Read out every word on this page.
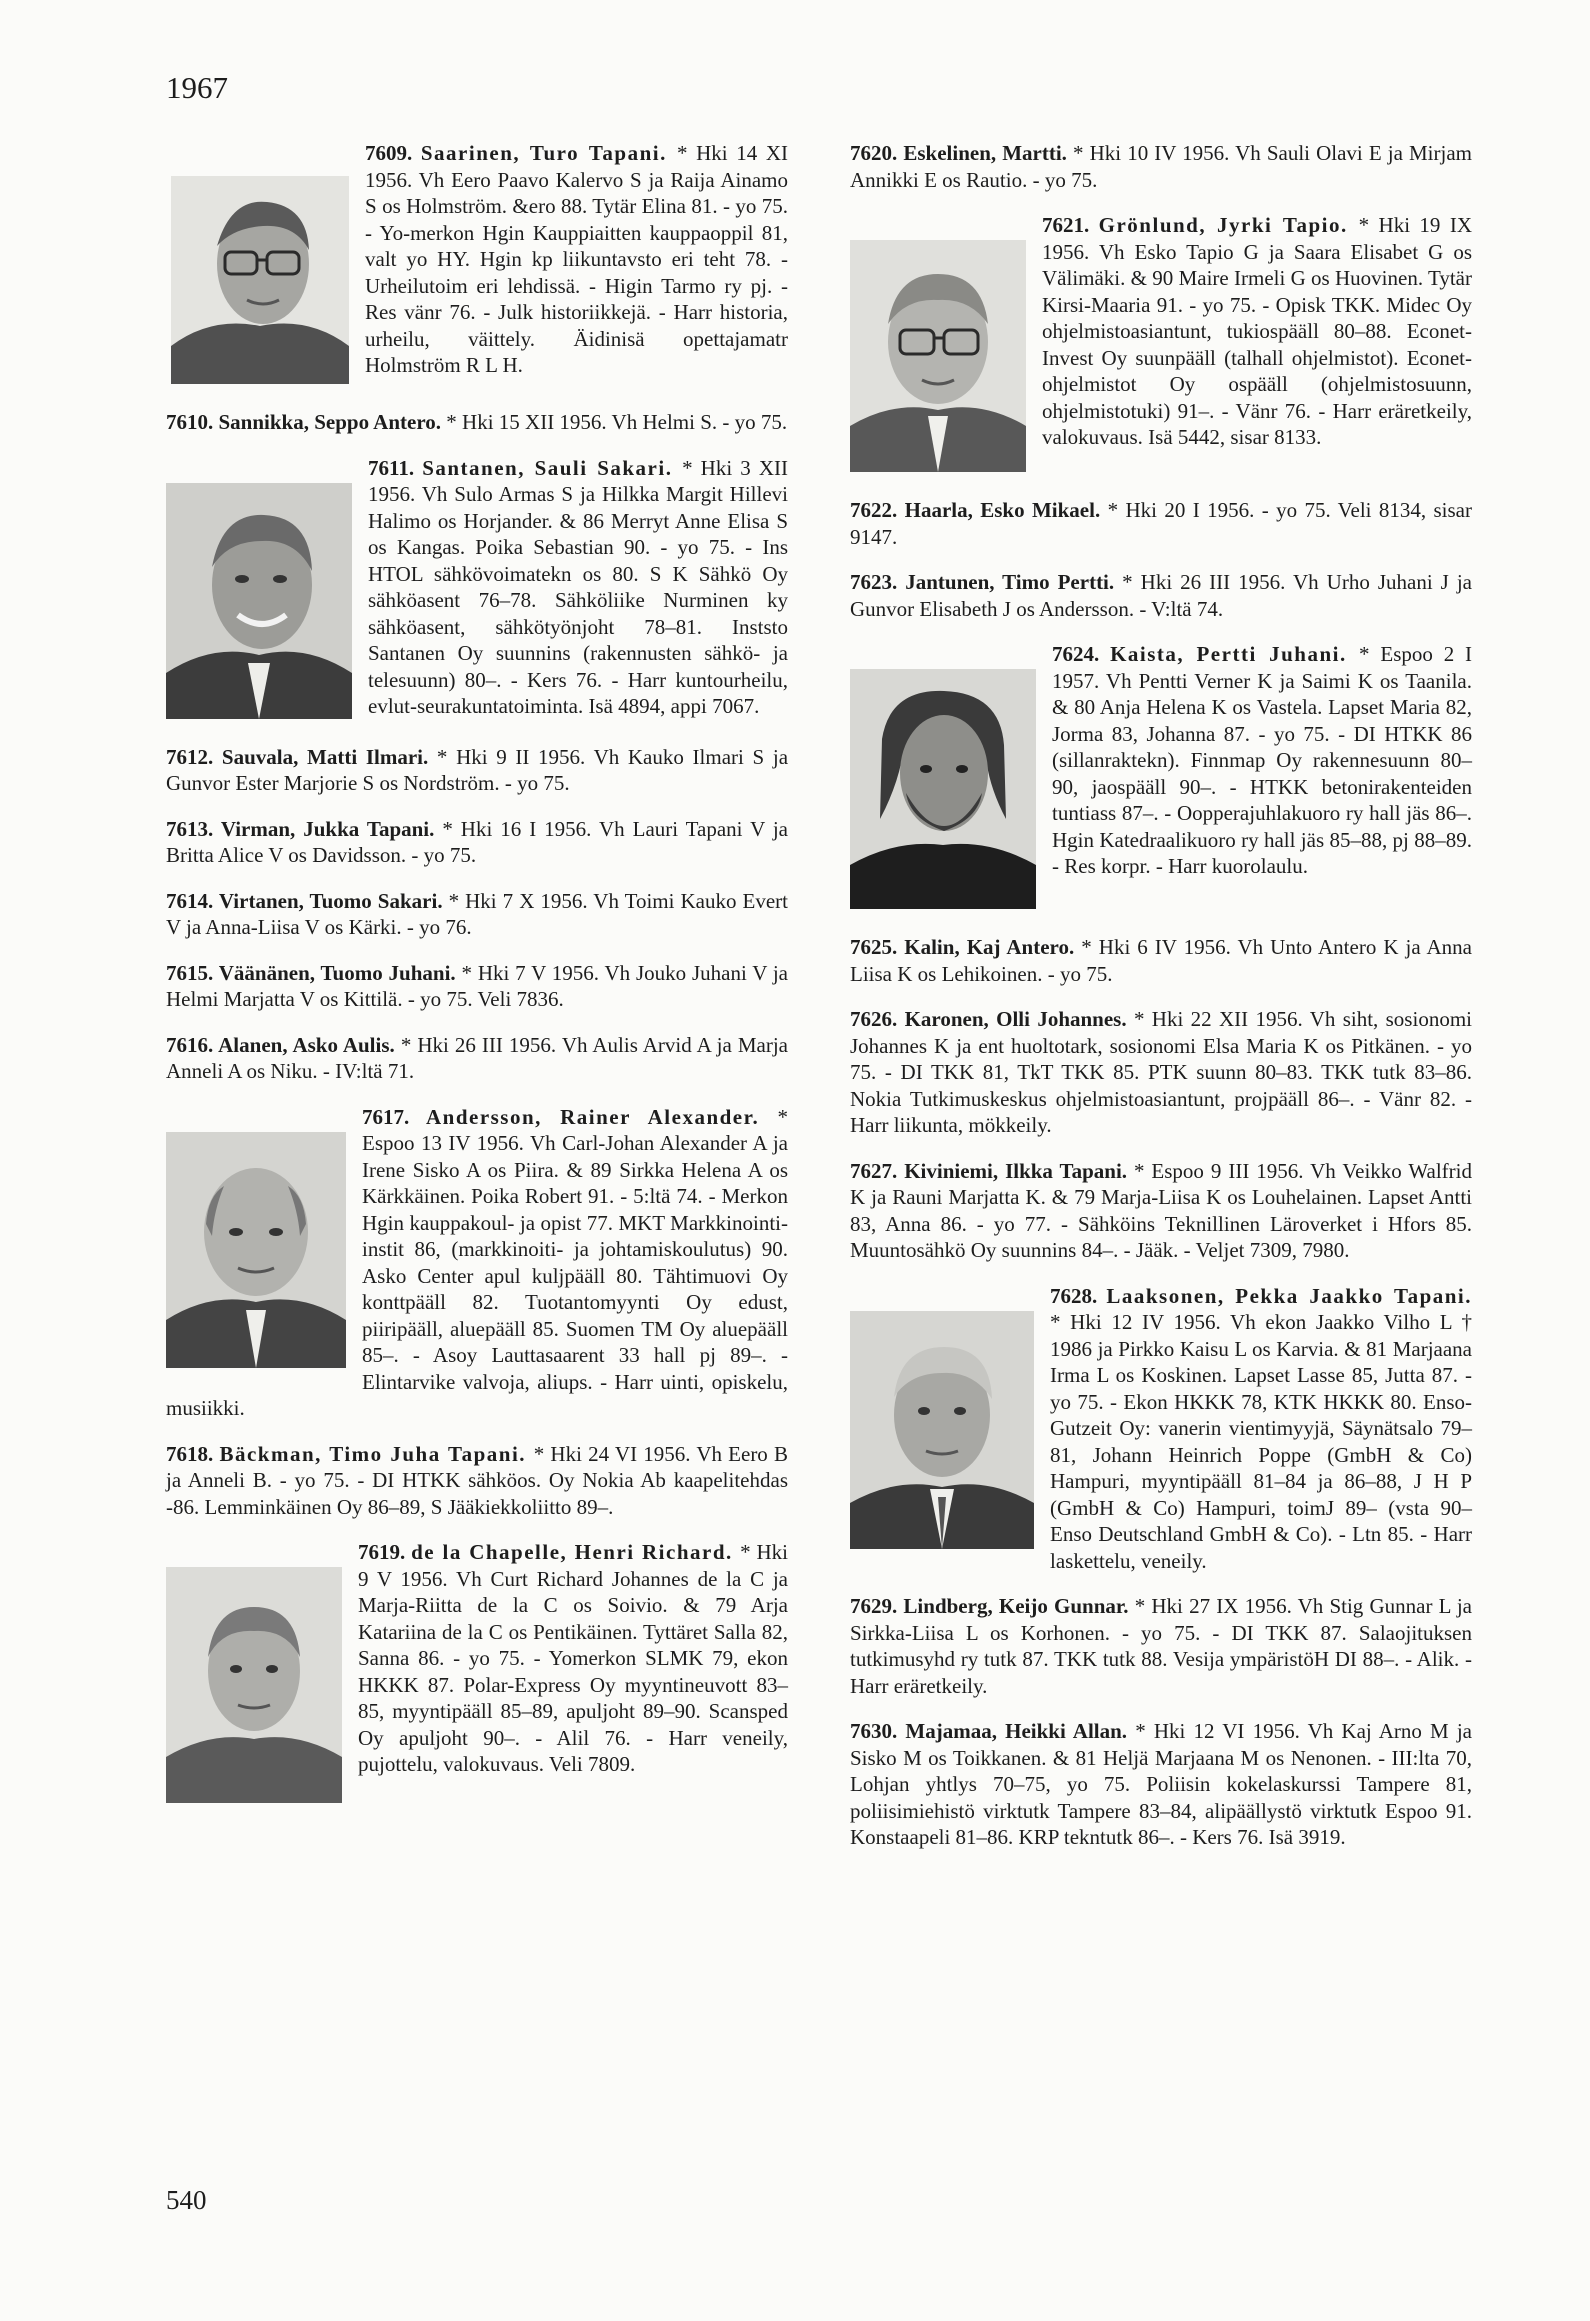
1967
7609. Saarinen, Turo Tapani. * Hki 14 XI 1956. Vh Eero Paavo Kalervo S ja Raija Ainamo S os Holmström. &ero 88. Tytär Elina 81. - yo 75. - Yo-merkon Hgin Kauppiaitten kauppaoppil 81, valt yo HY. Hgin kp liikuntavsto eri teht 78. - Urheilutoim eri lehdissä. - Higin Tarmo ry pj. - Res vänr 76. - Julk historiikkejä. - Harr historia, urheilu, väittely. Äidinisä opettajamatr Holmström R L H.
7610. Sannikka, Seppo Antero. * Hki 15 XII 1956. Vh Helmi S. - yo 75.
7611. Santanen, Sauli Sakari. * Hki 3 XII 1956. Vh Sulo Armas S ja Hilkka Margit Hillevi Halimo os Horjander. & 86 Merryt Anne Elisa S os Kangas. Poika Sebastian 90. - yo 75. - Ins HTOL sähkövoimatekn os 80. S K Sähkö Oy sähköasent 76–78. Sähköliike Nurminen ky sähköasent, sähkötyönjoht 78–81. Inststo Santanen Oy suunnins (rakennusten sähkö- ja telesuunn) 80–. - Kers 76. - Harr kuntourheilu, evlut-seurakuntatoiminta. Isä 4894, appi 7067.
7612. Sauvala, Matti Ilmari. * Hki 9 II 1956. Vh Kauko Ilmari S ja Gunvor Ester Marjorie S os Nordström. - yo 75.
7613. Virman, Jukka Tapani. * Hki 16 I 1956. Vh Lauri Tapani V ja Britta Alice V os Davidsson. - yo 75.
7614. Virtanen, Tuomo Sakari. * Hki 7 X 1956. Vh Toimi Kauko Evert V ja Anna-Liisa V os Kärki. - yo 76.
7615. Väänänen, Tuomo Juhani. * Hki 7 V 1956. Vh Jouko Juhani V ja Helmi Marjatta V os Kittilä. - yo 75. Veli 7836.
7616. Alanen, Asko Aulis. * Hki 26 III 1956. Vh Aulis Arvid A ja Marja Anneli A os Niku. - IV:ltä 71.
7617. Andersson, Rainer Alexander. * Espoo 13 IV 1956. Vh Carl-Johan Alexander A ja Irene Sisko A os Piira. & 89 Sirkka Helena A os Kärkkäinen. Poika Robert 91. - 5:ltä 74. - Merkon Hgin kauppakoul- ja opist 77. MKT Markkinointi-instit 86, (markkinoiti- ja johtamiskoulutus) 90. Asko Center apul kuljpääll 80. Tähtimuovi Oy konttpääll 82. Tuotantomyynti Oy edust, piiripääll, aluepääll 85. Suomen TM Oy aluepääll 85–. - Asoy Lauttasaarent 33 hall pj 89–. - Elintarvike valvoja, aliups. - Harr uinti, opiskelu, musiikki.
7618. Bäckman, Timo Juha Tapani. * Hki 24 VI 1956. Vh Eero B ja Anneli B. - yo 75. - DI HTKK sähköos. Oy Nokia Ab kaapelitehdas -86. Lemminkäinen Oy 86–89, S Jääkiekkoliitto 89–.
7619. de la Chapelle, Henri Richard. * Hki 9 V 1956. Vh Curt Richard Johannes de la C ja Marja-Riitta de la C os Soivio. & 79 Arja Katariina de la C os Pentikäinen. Tyttäret Salla 82, Sanna 86. - yo 75. - Yomerkon SLMK 79, ekon HKKK 87. Polar-Express Oy myyntineuvott 83–85, myyntipääll 85–89, apuljoht 89–90. Scansped Oy apuljoht 90–. - Alil 76. - Harr veneily, pujottelu, valokuvaus. Veli 7809.
7620. Eskelinen, Martti. * Hki 10 IV 1956. Vh Sauli Olavi E ja Mirjam Annikki E os Rautio. - yo 75.
7621. Grönlund, Jyrki Tapio. * Hki 19 IX 1956. Vh Esko Tapio G ja Saara Elisabet G os Välimäki. & 90 Maire Irmeli G os Huovinen. Tytär Kirsi-Maaria 91. - yo 75. - Opisk TKK. Midec Oy ohjelmistoasiantunt, tukiospääll 80–88. Econet-Invest Oy suunpääll (talhall ohjelmistot). Econet-ohjelmistot Oy ospääll (ohjelmistosuunn, ohjelmistotuki) 91–. - Vänr 76. - Harr eräretkeily, valokuvaus. Isä 5442, sisar 8133.
7622. Haarla, Esko Mikael. * Hki 20 I 1956. - yo 75. Veli 8134, sisar 9147.
7623. Jantunen, Timo Pertti. * Hki 26 III 1956. Vh Urho Juhani J ja Gunvor Elisabeth J os Andersson. - V:ltä 74.
7624. Kaista, Pertti Juhani. * Espoo 2 I 1957. Vh Pentti Verner K ja Saimi K os Taanila. & 80 Anja Helena K os Vastela. Lapset Maria 82, Jorma 83, Johanna 87. - yo 75. - DI HTKK 86 (sillanraktekn). Finnmap Oy rakennesuunn 80–90, jaospääll 90–. - HTKK betonirakenteiden tuntiass 87–. - Oopperajuhlakuoro ry hall jäs 86–. Hgin Katedraalikuoro ry hall jäs 85–88, pj 88–89. - Res korpr. - Harr kuorolaulu.
7625. Kalin, Kaj Antero. * Hki 6 IV 1956. Vh Unto Antero K ja Anna Liisa K os Lehikoinen. - yo 75.
7626. Karonen, Olli Johannes. * Hki 22 XII 1956. Vh siht, sosionomi Johannes K ja ent huoltotark, sosionomi Elsa Maria K os Pitkänen. - yo 75. - DI TKK 81, TkT TKK 85. PTK suunn 80–83. TKK tutk 83–86. Nokia Tutkimuskeskus ohjelmistoasiantunt, projpääll 86–. - Vänr 82. - Harr liikunta, mökkeily.
7627. Kiviniemi, Ilkka Tapani. * Espoo 9 III 1956. Vh Veikko Walfrid K ja Rauni Marjatta K. & 79 Marja-Liisa K os Louhelainen. Lapset Antti 83, Anna 86. - yo 77. - Sähköins Teknillinen Läroverket i Hfors 85. Muuntosähkö Oy suunnins 84–. - Jääk. - Veljet 7309, 7980.
7628. Laaksonen, Pekka Jaakko Tapani. * Hki 12 IV 1956. Vh ekon Jaakko Vilho L † 1986 ja Pirkko Kaisu L os Karvia. & 81 Marjaana Irma L os Koskinen. Lapset Lasse 85, Jutta 87. - yo 75. - Ekon HKKK 78, KTK HKKK 80. Enso-Gutzeit Oy: vanerin vientimyyjä, Säynätsalo 79–81, Johann Heinrich Poppe (GmbH & Co) Hampuri, myyntipääll 81–84 ja 86–88, J H P (GmbH & Co) Hampuri, toimJ 89– (vsta 90– Enso Deutschland GmbH & Co). - Ltn 85. - Harr laskettelu, veneily.
7629. Lindberg, Keijo Gunnar. * Hki 27 IX 1956. Vh Stig Gunnar L ja Sirkka-Liisa L os Korhonen. - yo 75. - DI TKK 87. Salaojituksen tutkimusyhd ry tutk 87. TKK tutk 88. Vesija ympäristöH DI 88–. - Alik. - Harr eräretkeily.
7630. Majamaa, Heikki Allan. * Hki 12 VI 1956. Vh Kaj Arno M ja Sisko M os Toikkanen. & 81 Heljä Marjaana M os Nenonen. - III:lta 70, Lohjan yhtlys 70–75, yo 75. Poliisin kokelaskurssi Tampere 81, poliisimiehistö virktutk Tampere 83–84, alipäällystö virktutk Espoo 91. Konstaapeli 81–86. KRP tekntutk 86–. - Kers 76. Isä 3919.
540
